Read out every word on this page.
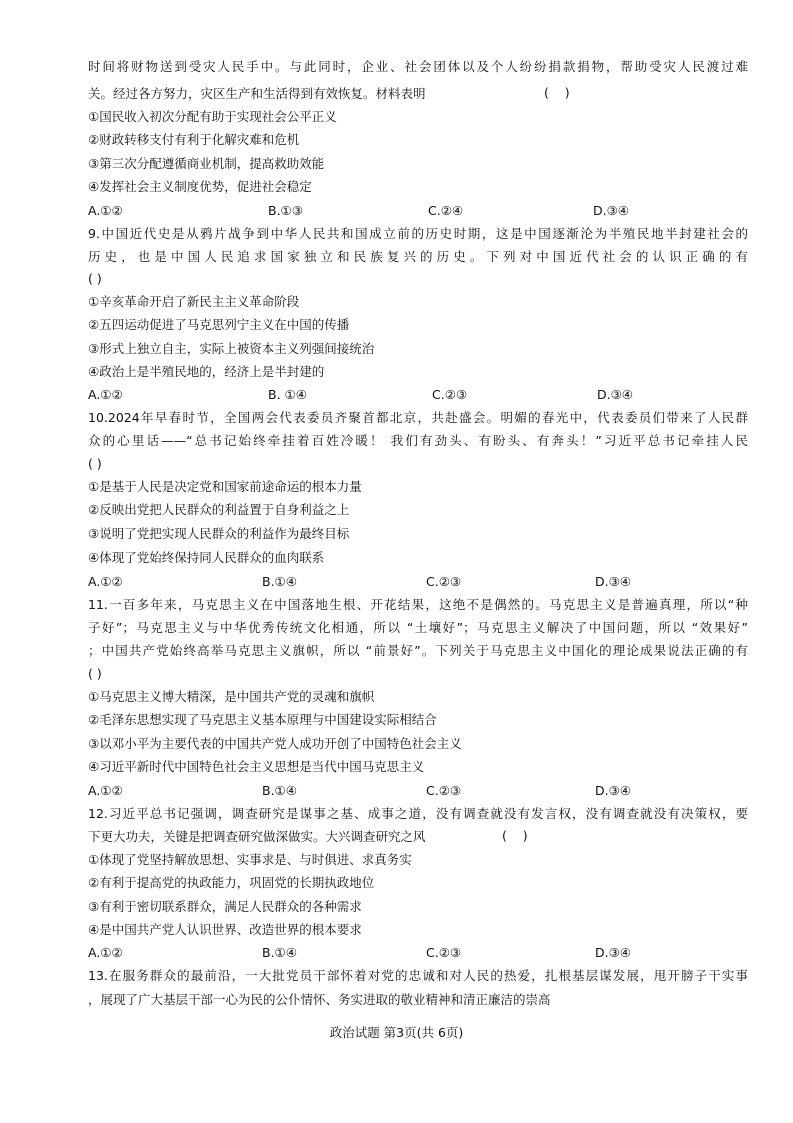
时间将财物送到受灾人民手中。与此同时，企业、社会团体以及个人纷纷捐款捐物，帮助受灾人民渡过难
关。经过各方努力，灾区生产和生活得到有效恢复。材料表明	(    )
①国民收入初次分配有助于实现社会公平正义
②财政转移支付有利于化解灾难和危机
③第三次分配遵循商业机制，提高救助效能
④发挥社会主义制度优势，促进社会稳定
A.①②	B.①③	C.②④	D.③④
9.中国近代史是从鸦片战争到中华人民共和国成立前的历史时期，这是中国逐渐沦为半殖民地半封建社会的
历史，也是中国人民追求国家独立和民族复兴的历史。下列对中国近代社会的认识正确的有
( )
①辛亥革命开启了新民主主义革命阶段
②五四运动促进了马克思列宁主义在中国的传播
③形式上独立自主，实际上被资本主义列强间接统治
④政治上是半殖民地的，经济上是半封建的
A.①②	B. ①④	C.②③	D.③④
10.2024年早春时节，全国两会代表委员齐聚首都北京，共赴盛会。明媚的春光中，代表委员们带来了人民群
众的心里话——“总书记始终牵挂着百姓冷暖！ 我们有劲头、有盼头、有奔头！”习近平总书记牵挂人民
( )
①是基于人民是决定党和国家前途命运的根本力量
②反映出党把人民群众的利益置于自身利益之上
③说明了党把实现人民群众的利益作为最终目标
④体现了党始终保持同人民群众的血肉联系
A.①②	B.①④	C.②③	D.③④
11.一百多年来，马克思主义在中国落地生根、开花结果，这绝不是偶然的。马克思主义是普遍真理，所以“种
子好”；马克思主义与中华优秀传统文化相通，所以 “土壤好”；马克思主义解决了中国问题，所以 “效果好”
；中国共产党始终高举马克思主义旗帜，所以 “前景好”。下列关于马克思主义中国化的理论成果说法正确的有
( )
①马克思主义博大精深，是中国共产党的灵魂和旗帜
②毛泽东思想实现了马克思主义基本原理与中国建设实际相结合
③以邓小平为主要代表的中国共产党人成功开创了中国特色社会主义
④习近平新时代中国特色社会主义思想是当代中国马克思主义
A.①②	B.①④	C.②③	D.③④
12.习近平总书记强调，调查研究是谋事之基、成事之道，没有调查就没有发言权，没有调查就没有决策权，要
下更大功夫，关键是把调查研究做深做实。大兴调查研究之风	(    )
①体现了党坚持解放思想、实事求是、与时俱进、求真务实
②有利于提高党的执政能力，巩固党的长期执政地位
③有利于密切联系群众，满足人民群众的各种需求
④是中国共产党人认识世界、改造世界的根本要求
A.①②	B.①④	C.②③	D.③④
13.在服务群众的最前沿，一大批党员干部怀着对党的忠诚和对人民的热爱，扎根基层谋发展，甩开膀子干实事
，展现了广大基层干部一心为民的公仆情怀、务实进取的敬业精神和清正廉洁的崇高
政治试题 第3页(共 6页)
